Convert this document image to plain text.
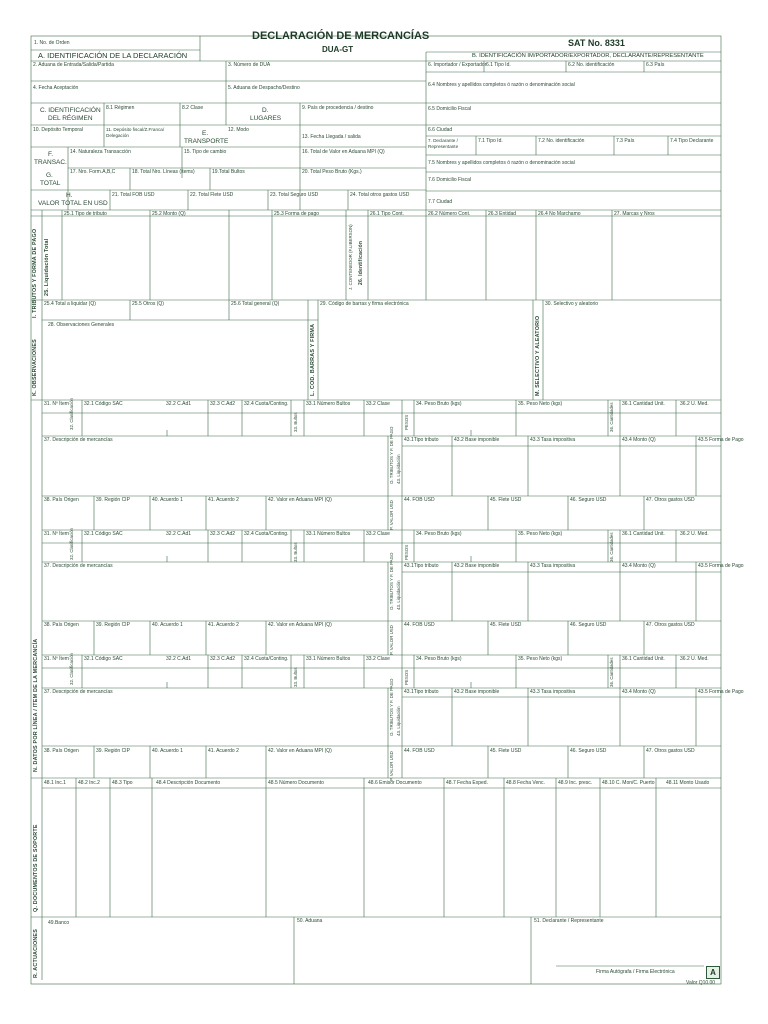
1. No. de Orden
DECLARACIÓN DE MERCANCÍAS
DUA-GT
SAT No. 8331
A. IDENTIFICACIÓN DE LA DECLARACIÓN	B. IDENTIFICACIÓN IM/PORTADOR/EXPORTADOR, DECLARANTE/REPRESENTANTE
2. Aduana de Entrada/Salida/Partida	3. Número de DUA
4. Fecha Aceptación	5. Aduana de Despacho/Destino
C. IDENTIFICACIÓN
DEL RÉGIMEN
8.1 Régimen	8.2 Clase	D.
LUGARES
9. País de procedencia / destino
10. Depósito Temporal	11. Depósito fiscal/Z.Franca/ Delegación	E.
TRANSPORTE
12. Modo
13. Fecha Llegada / salida
F.
TRANSAC.
14. Naturaleza Transacción	15. Tipo de cambio	16. Total de Valor en Aduana MPI (Q)
G.
TOTAL
17. Nro. Form.A,B,C	18. Total Nro. Líneas (items)	19.Total Bultos	20. Total Peso Bruto (Kgs.)
H.
VALOR TOTAL EN USD
21. Total FOB USD	22. Total Flete USD	23. Total Seguro USD	24. Total otros gastos USD
6. Importador / Exportador 6.1 Tipo Id.	6.2 No. identificación	6.3 País
6.4 Nombres y apellidos completos ó razón o denominación social
6.5 Domicilio Fiscal
6.6 Ciudad
7. Declarante / Representante
7.1 Tipo Id.	7.2 No. identificación	7.3 País	7.4 Tipo Declarante
7.5 Nombres y apellidos completos ó razón o denominación social
7.6 Domicilio Fiscal
7.7 Ciudad
I. TRIBUTOS Y FORMA DE PAGO
25.1 Tipo de tributo	25.2 Monto (Q)	25.3 Forma de pago
25. Liquidación Total
25.4 Total a liquidar (Q)	25.5 Otros (Q)	25.6 Total general (Q)
J. CONTENEDOR (F.LIBERSON) 26. Identificación
26.1 Tipo Cont.	26.2 Número Cont.	26.3 Entidad	26.4 No Marchamo	27. Marcas y Nros
28. Observaciones Generales
K. OBSERVACIONES
29. Código de barras y firma electrónica
L. COD. BARRAS Y FIRMA
30. Selectivo y aleatorio
M. SELECTIVO Y ALEATORIO
N. DATOS POR LÍNEA / ITEM DE LA MERCANCÍA
31. Nº Ítem	32.1 Código SAC	32.2 C.Ad1	32.3 C.Ad2 32.4 Cuota/Conting.	33.1 Número Bultos	33.2 Clase	34. Peso Bruto (kgs)	35. Peso Neto (kgs)	36.1 Cantidad Unit.	36.2 U. Med.
37. Descripción de mercancías	43.1Tipo tributo	43.2 Base imponible	43.3 Tasa impositiva	43.4 Monto (Q)	43.5 Forma de Pago
38. País Origen	39. Región CIP	40. Acuerdo 1	41. Acuerdo 2	42. Valor en Aduana MPI (Q)	44. FOB USD	45. Flete USD	46. Seguro USD	47. Otros gastos USD
32. Clasificación	33. Bultos	PESOS	36. Cantidades
O. TRIBUTOS Y F. DE PAGO 43. Liquidación
P. VALOR USD
31. Nº Ítem	32.1 Código SAC	32.2 C.Ad1	32.3 C.Ad2 32.4 Cuota/Conting.	33.1 Número Bultos	33.2 Clase	34. Peso Bruto (kgs)	35. Peso Neto (kgs)	36.1 Cantidad Unit.	36.2 U. Med.
37. Descripción de mercancías	43.1Tipo tributo	43.2 Base imponible	43.3 Tasa impositiva	43.4 Monto (Q)	43.5 Forma de Pago
38. País Origen	39. Región CIP	40. Acuerdo 1	41. Acuerdo 2	42. Valor en Aduana MPI (Q)	44. FOB USD	45. Flete USD	46. Seguro USD	47. Otros gastos USD
32. Clasificación	33. Bultos	PESOS	36. Cantidades
O. TRIBUTOS Y F. DE PAGO 43. Liquidación
P. VALOR USD
31. Nº Ítem	32.1 Código SAC	32.2 C.Ad1	32.3 C.Ad2 32.4 Cuota/Conting.	33.1 Número Bultos	33.2 Clase	34. Peso Bruto (kgs)	35. Peso Neto (kgs)	36.1 Cantidad Unit.	36.2 U. Med.
37. Descripción de mercancías	43.1Tipo tributo	43.2 Base imponible	43.3 Tasa impositiva	43.4 Monto (Q)	43.5 Forma de Pago
38. País Origen	39. Región CIP	40. Acuerdo 1	41. Acuerdo 2	42. Valor en Aduana MPI (Q)	44. FOB USD	45. Flete USD	46. Seguro USD	47. Otros gastos USD
32. Clasificación	33. Bultos	PESOS	36. Cantidades
O. TRIBUTOS Y F. DE PAGO 43. Liquidación
P. VALOR USD
Q. DOCUMENTOS DE SOPORTE
48.1 Inc.1 48.2 Inc.2 48.3 Tipo	48.4 Descripción Documento	48.5 Número Documento	48.6 Emisor Documento	48.7 Fecha Exped.	48.8 Fecha Venc.	48.9 Inc. presc. 48.10 C. Mon/C. Puerto 48.11 Monto Usado
R. ACTUACIONES
49.Banco	50. Aduana	51. Declarante / Representante
Firma Autógrafa / Firma Electrónica	A
Valor Q10.00
